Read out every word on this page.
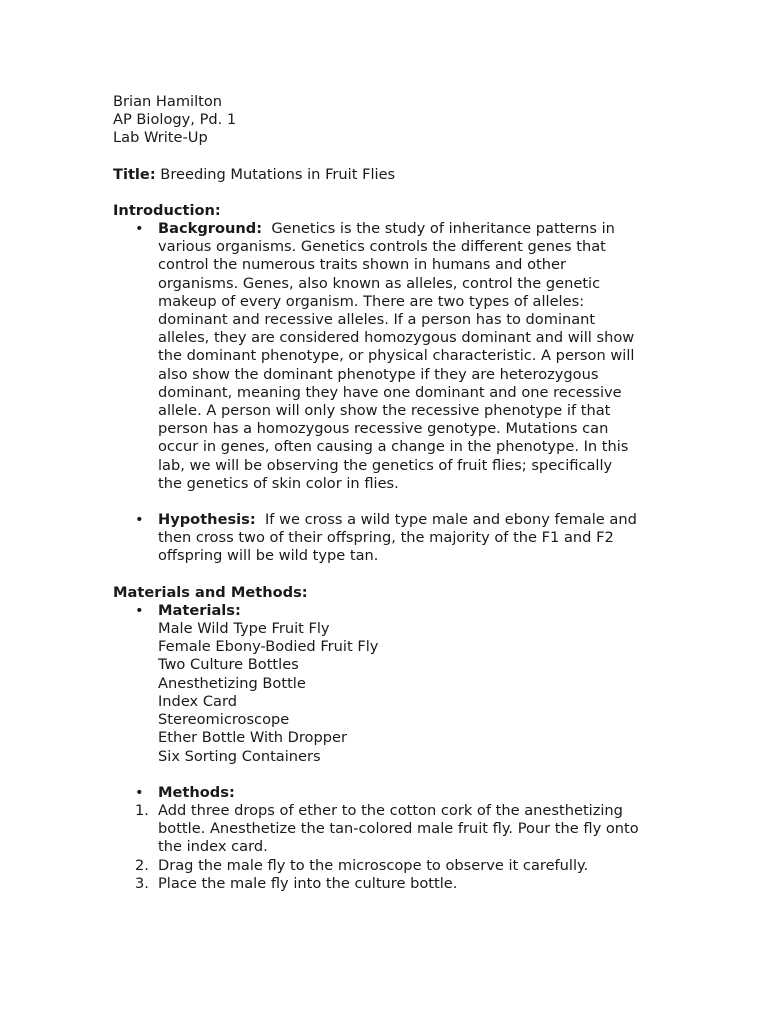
Brian Hamilton
AP Biology, Pd. 1
Lab Write-Up
Title: Breeding Mutations in Fruit Flies
Introduction:
• Background:  Genetics is the study of inheritance patterns in
various organisms. Genetics controls the different genes that
control the numerous traits shown in humans and other
organisms. Genes, also known as alleles, control the genetic
makeup of every organism. There are two types of alleles:
dominant and recessive alleles. If a person has to dominant
alleles, they are considered homozygous dominant and will show
the dominant phenotype, or physical characteristic. A person will
also show the dominant phenotype if they are heterozygous
dominant, meaning they have one dominant and one recessive
allele. A person will only show the recessive phenotype if that
person has a homozygous recessive genotype. Mutations can
occur in genes, often causing a change in the phenotype. In this
lab, we will be observing the genetics of fruit flies; specifically
the genetics of skin color in flies.
• Hypothesis:  If we cross a wild type male and ebony female and
then cross two of their offspring, the majority of the F1 and F2
offspring will be wild type tan.
Materials and Methods:
• Materials:
Male Wild Type Fruit Fly
Female Ebony-Bodied Fruit Fly
Two Culture Bottles
Anesthetizing Bottle
Index Card
Stereomicroscope
Ether Bottle With Dropper
Six Sorting Containers
• Methods:
1. Add three drops of ether to the cotton cork of the anesthetizing
bottle. Anesthetize the tan-colored male fruit fly. Pour the fly onto
the index card.
2. Drag the male fly to the microscope to observe it carefully.
3. Place the male fly into the culture bottle.
